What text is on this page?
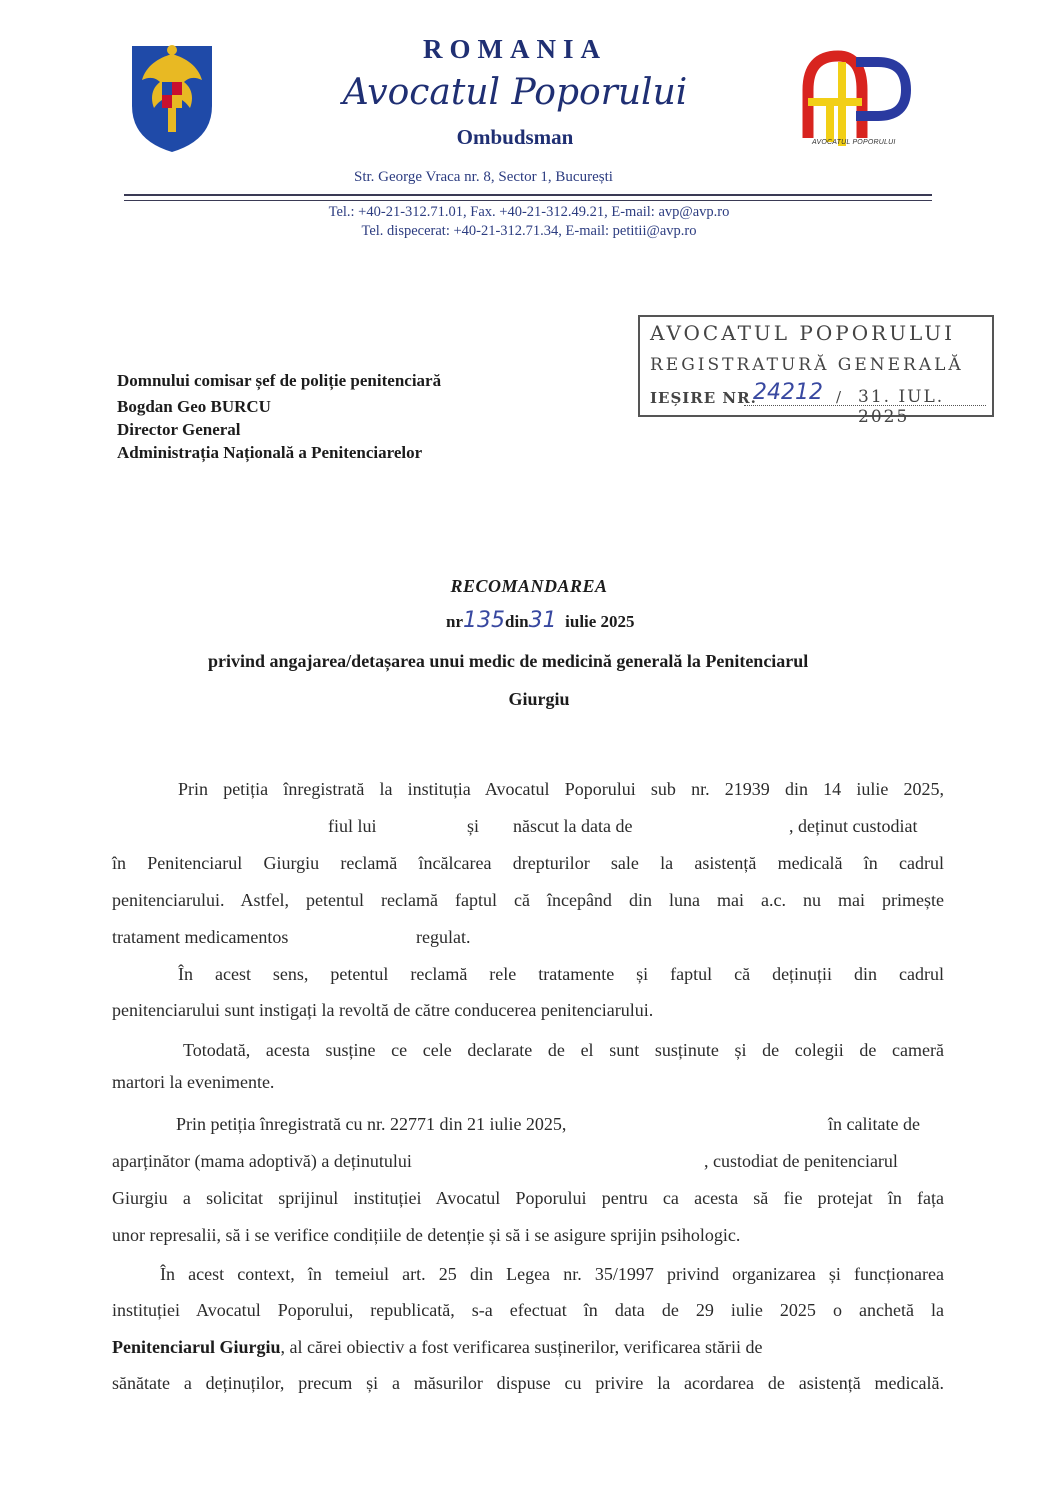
ROMANIA
Avocatul Poporului
Ombudsman
Str. George Vraca nr. 8, Sector 1, București
AVOCATUL POPORULUI
Tel.: +40-21-312.71.01, Fax. +40-21-312.49.21, E-mail: avp@avp.ro
Tel. dispecerat: +40-21-312.71.34, E-mail: petitii@avp.ro
AVOCATUL POPORULUI
REGISTRATURĂ GENERALĂ
IEȘIRE NR.
24212 / 31. IUL. 2025
Domnului comisar șef de poliție penitenciară
Bogdan Geo BURCU
Director General
Administrația Națională a Penitenciarelor
RECOMANDAREA
nr135din31 iulie 2025
privind angajarea/detașarea unui medic de medicină generală la Penitenciarul
Giurgiu
Prin petiția înregistrată la instituția Avocatul Poporului sub nr. 21939 din 14 iulie 2025,
fiul lui	și născut la data de	, deținut custodiat
în Penitenciarul Giurgiu reclamă încălcarea drepturilor sale la asistență medicală în cadrul
penitenciarului. Astfel, petentul reclamă faptul că începând din luna mai a.c. nu mai primește
tratament medicamentos	regulat.
În acest sens, petentul reclamă rele tratamente și faptul că deținuții din cadrul
penitenciarului sunt instigați la revoltă de către conducerea penitenciarului.
Totodată, acesta susține ce cele declarate de el sunt susținute și de colegii de cameră
martori la evenimente.
Prin petiția înregistrată cu nr. 22771 din 21 iulie 2025,	în calitate de
aparținător (mama adoptivă) a deținutului	, custodiat de penitenciarul
Giurgiu a solicitat sprijinul instituției Avocatul Poporului pentru ca acesta să fie protejat în fața
unor represalii, să i se verifice condițiile de detenție și să i se asigure sprijin psihologic.
În acest context, în temeiul art. 25 din Legea nr. 35/1997 privind organizarea și funcționarea
instituției Avocatul Poporului, republicată, s-a efectuat în data de 29 iulie 2025 o anchetă la
Penitenciarul Giurgiu, al cărei obiectiv a fost verificarea susținerilor, verificarea stării de
sănătate a deținuților, precum și a măsurilor dispuse cu privire la acordarea de asistență medicală.
